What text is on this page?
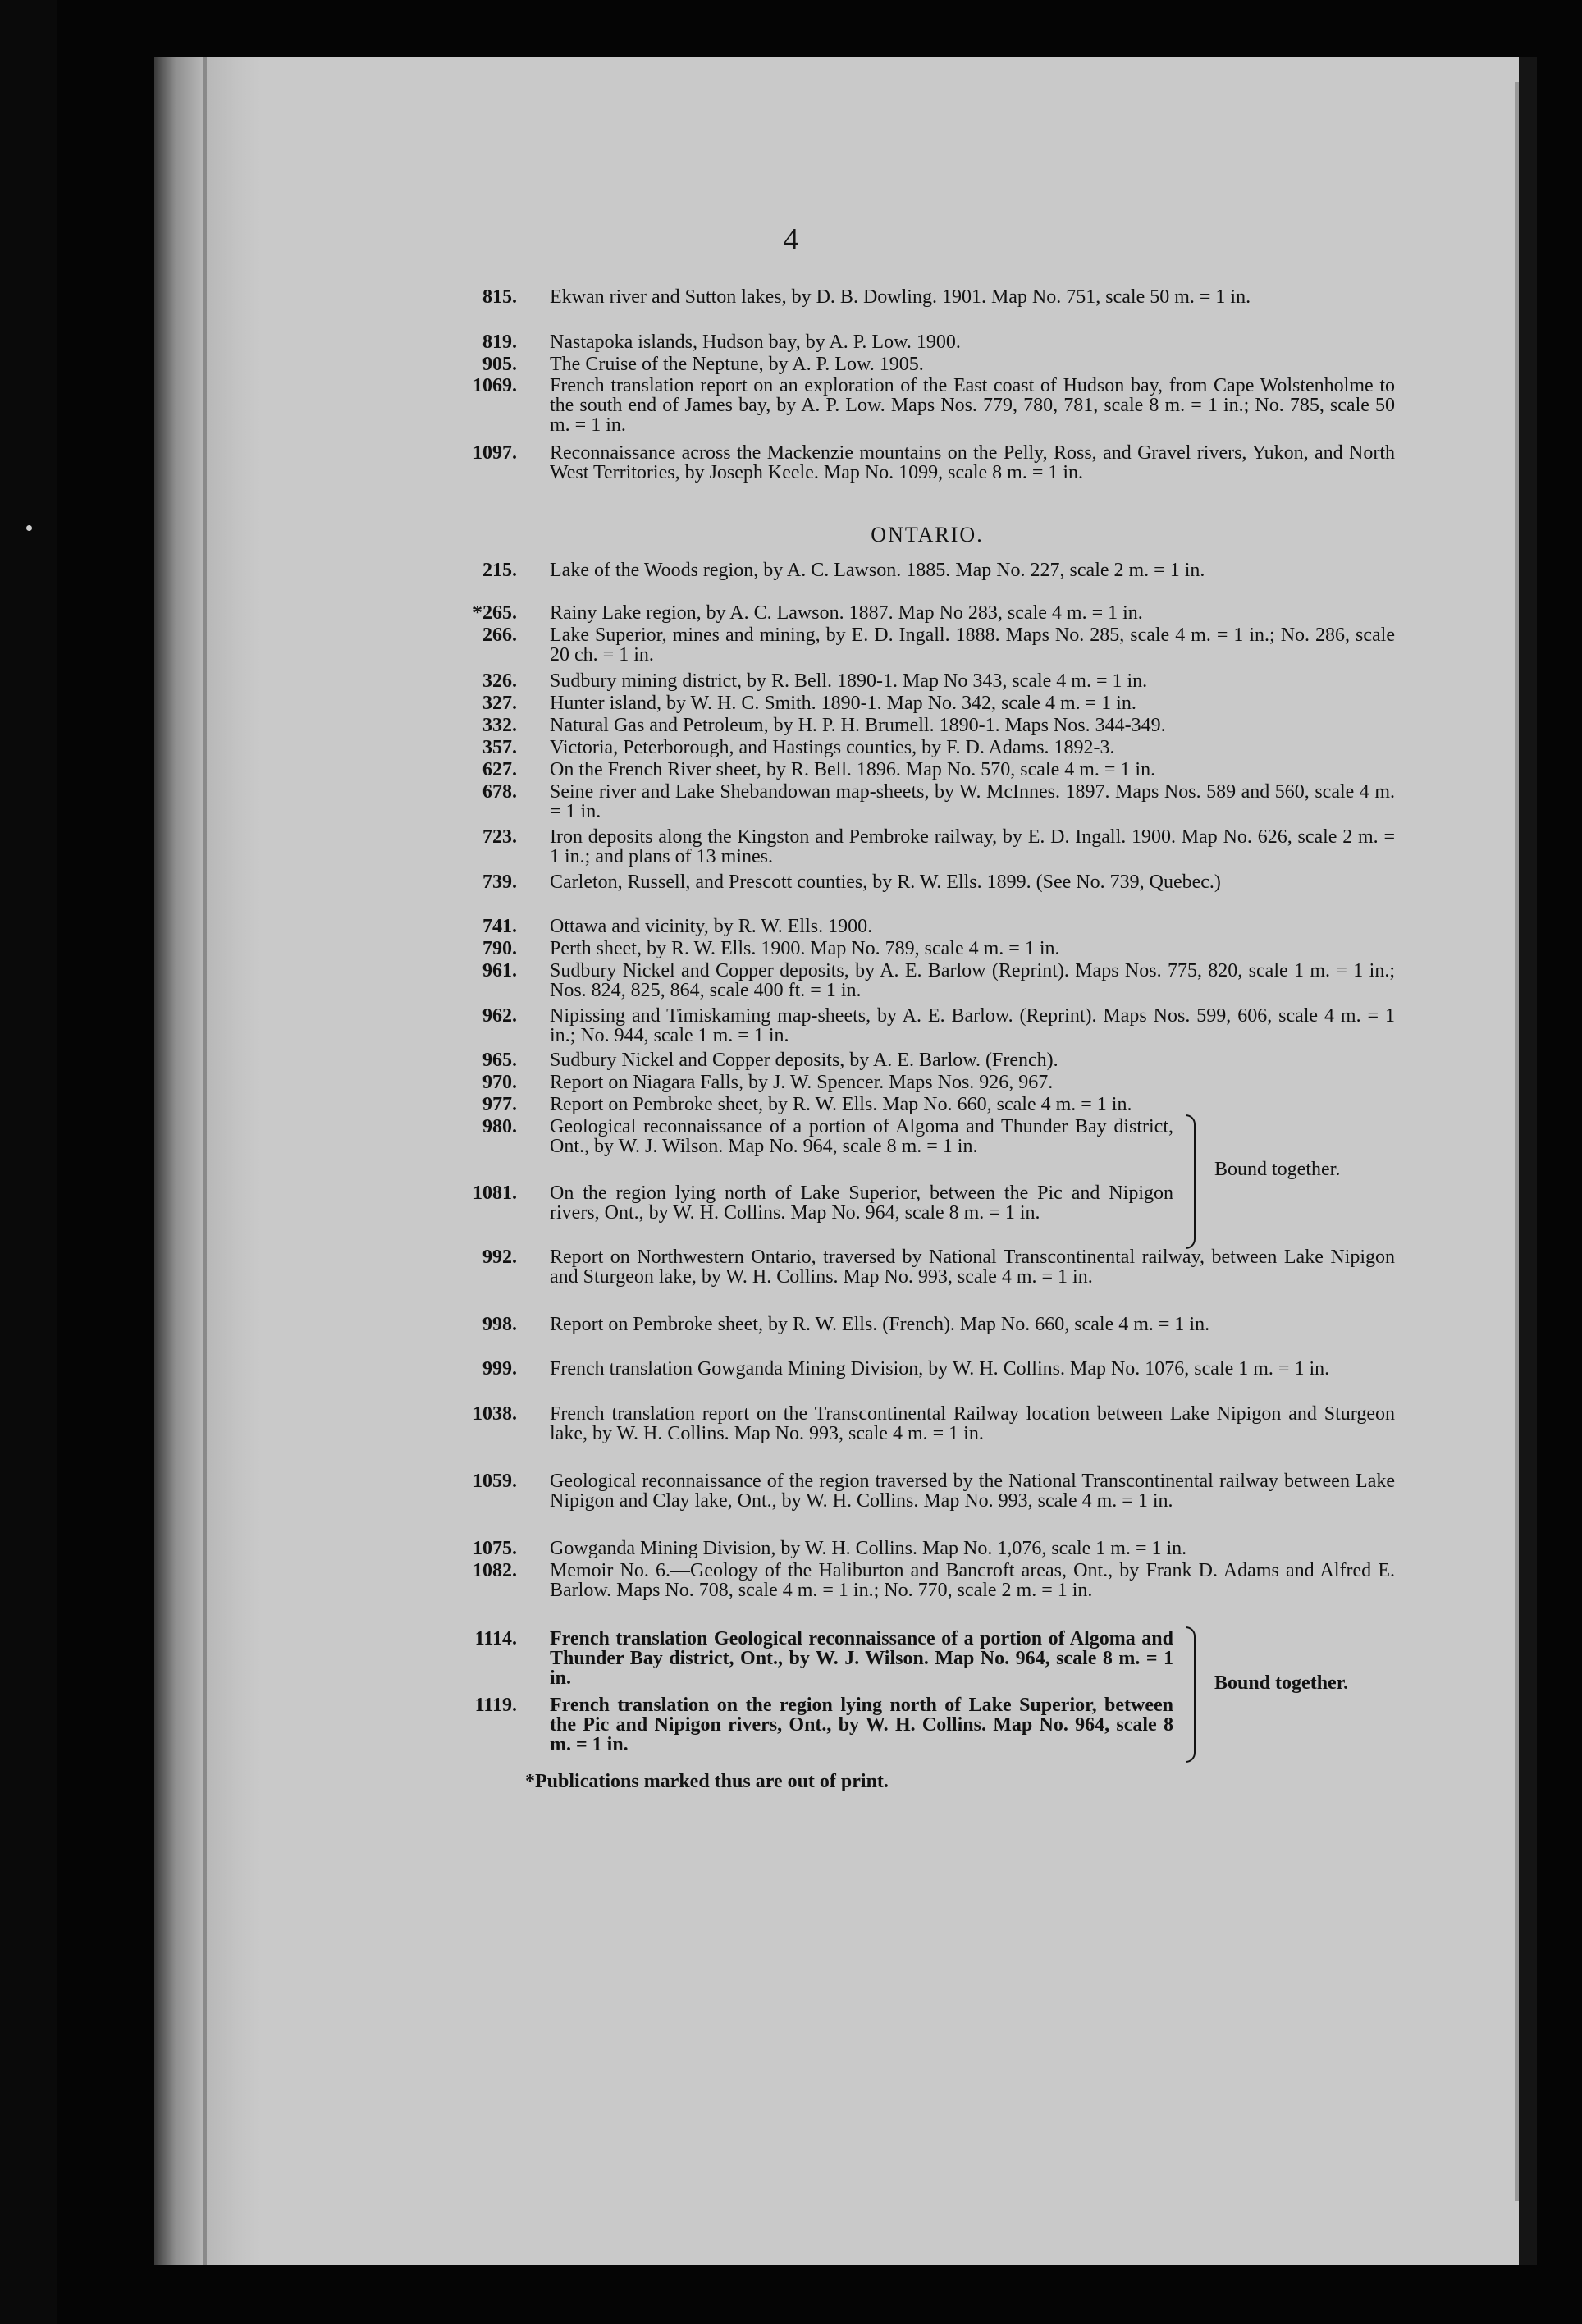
4
815. Ekwan river and Sutton lakes, by D. B. Dowling. 1901. Map No. 751, scale 50 m. = 1 in.
819. Nastapoka islands, Hudson bay, by A. P. Low. 1900.
905. The Cruise of the Neptune, by A. P. Low. 1905.
1069. French translation report on an exploration of the East coast of Hudson bay, from Cape Wolstenholme to the south end of James bay, by A. P. Low. Maps Nos. 779, 780, 781, scale 8 m. = 1 in.; No. 785, scale 50 m. = 1 in.
1097. Reconnaissance across the Mackenzie mountains on the Pelly, Ross, and Gravel rivers, Yukon, and North West Territories, by Joseph Keele. Map No. 1099, scale 8 m. = 1 in.
ONTARIO.
215. Lake of the Woods region, by A. C. Lawson. 1885. Map No. 227, scale 2 m. = 1 in.
*265. Rainy Lake region, by A. C. Lawson. 1887. Map No 283, scale 4 m. = 1 in.
266. Lake Superior, mines and mining, by E. D. Ingall. 1888. Maps No. 285, scale 4 m. = 1 in.; No. 286, scale 20 ch. = 1 in.
326. Sudbury mining district, by R. Bell. 1890-1. Map No 343, scale 4 m. = 1 in.
327. Hunter island, by W. H. C. Smith. 1890-1. Map No. 342, scale 4 m. = 1 in.
332. Natural Gas and Petroleum, by H. P. H. Brumell. 1890-1. Maps Nos. 344-349.
357. Victoria, Peterborough, and Hastings counties, by F. D. Adams. 1892-3.
627. On the French River sheet, by R. Bell. 1896. Map No. 570, scale 4 m. = 1 in.
678. Seine river and Lake Shebandowan map-sheets, by W. McInnes. 1897. Maps Nos. 589 and 560, scale 4 m. = 1 in.
723. Iron deposits along the Kingston and Pembroke railway, by E. D. Ingall. 1900. Map No. 626, scale 2 m. = 1 in.; and plans of 13 mines.
739. Carleton, Russell, and Prescott counties, by R. W. Ells. 1899. (See No. 739, Quebec.)
741. Ottawa and vicinity, by R. W. Ells. 1900.
790. Perth sheet, by R. W. Ells. 1900. Map No. 789, scale 4 m. = 1 in.
961. Sudbury Nickel and Copper deposits, by A. E. Barlow (Reprint). Maps Nos. 775, 820, scale 1 m. = 1 in.; Nos. 824, 825, 864, scale 400 ft. = 1 in.
962. Nipissing and Timiskaming map-sheets, by A. E. Barlow. (Reprint). Maps Nos. 599, 606, scale 4 m. = 1 in.; No. 944, scale 1 m. = 1 in.
965. Sudbury Nickel and Copper deposits, by A. E. Barlow. (French).
970. Report on Niagara Falls, by J. W. Spencer. Maps Nos. 926, 967.
977. Report on Pembroke sheet, by R. W. Ells. Map No. 660, scale 4 m. = 1 in.
980. Geological reconnaissance of a portion of Algoma and Thunder Bay district, Ont., by W. J. Wilson. Map No. 964, scale 8 m. = 1 in.
1081. On the region lying north of Lake Superior, between the Pic and Nipigon rivers, Ont., by W. H. Collins. Map No. 964, scale 8 m. = 1 in.
Bound together.
992. Report on Northwestern Ontario, traversed by National Transcontinental railway, between Lake Nipigon and Sturgeon lake, by W. H. Collins. Map No. 993, scale 4 m. = 1 in.
998. Report on Pembroke sheet, by R. W. Ells. (French). Map No. 660, scale 4 m. = 1 in.
999. French translation Gowganda Mining Division, by W. H. Collins. Map No. 1076, scale 1 m. = 1 in.
1038. French translation report on the Transcontinental Railway location between Lake Nipigon and Sturgeon lake, by W. H. Collins. Map No. 993, scale 4 m. = 1 in.
1059. Geological reconnaissance of the region traversed by the National Transcontinental railway between Lake Nipigon and Clay lake, Ont., by W. H. Collins. Map No. 993, scale 4 m. = 1 in.
1075. Gowganda Mining Division, by W. H. Collins. Map No. 1,076, scale 1 m. = 1 in.
1082. Memoir No. 6.—Geology of the Haliburton and Bancroft areas, Ont., by Frank D. Adams and Alfred E. Barlow. Maps No. 708, scale 4 m. = 1 in.; No. 770, scale 2 m. = 1 in.
1114. French translation Geological reconnaissance of a portion of Algoma and Thunder Bay district, Ont., by W. J. Wilson. Map No. 964, scale 8 m. = 1 in.
1119. French translation on the region lying north of Lake Superior, between the Pic and Nipigon rivers, Ont., by W. H. Collins. Map No. 964, scale 8 m. = 1 in.
Bound together.
*Publications marked thus are out of print.
